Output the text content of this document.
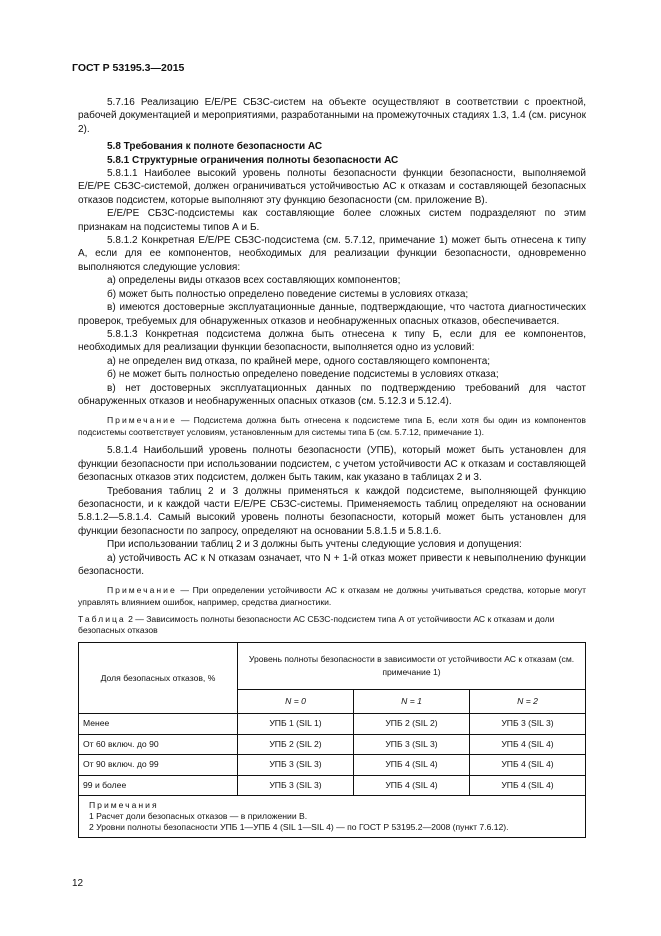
ГОСТ Р 53195.3—2015

5.7.16 Реализацию E/E/PE СБЗС-систем на объекте осуществляют в соответствии с проектной, рабочей документацией и мероприятиями, разработанными на промежуточных стадиях 1.3, 1.4 (см. рисунок 2).

5.8 Требования к полноте безопасности АС

5.8.1 Структурные ограничения полноты безопасности АС

5.8.1.1 Наиболее высокий уровень полноты безопасности функции безопасности, выполняемой E/E/PE СБЗС-системой, должен ограничиваться устойчивостью АС к отказам и составляющей безопасных отказов подсистем, которые выполняют эту функцию безопасности (см. приложение В).

E/E/PE СБЗС-подсистемы как составляющие более сложных систем подразделяют по этим признакам на подсистемы типов А и Б.

5.8.1.2 Конкретная E/E/PE СБЗС-подсистема (см. 5.7.12, примечание 1) может быть отнесена к типу А, если для ее компонентов, необходимых для реализации функции безопасности, одновременно выполняются следующие условия:

а) определены виды отказов всех составляющих компонентов;

б) может быть полностью определено поведение системы в условиях отказа;

в) имеются достоверные эксплуатационные данные, подтверждающие, что частота диагностических проверок, требуемых для обнаруженных отказов и необнаруженных опасных отказов, обеспечивается.

5.8.1.3 Конкретная подсистема должна быть отнесена к типу Б, если для ее компонентов, необходимых для реализации функции безопасности, выполняется одно из условий:

а) не определен вид отказа, по крайней мере, одного составляющего компонента;

б) не может быть полностью определено поведение подсистемы в условиях отказа;

в) нет достоверных эксплуатационных данных по подтверждению требований для частот обнаруженных отказов и необнаруженных опасных отказов (см. 5.12.3 и 5.12.4).

Примечание — Подсистема должна быть отнесена к подсистеме типа Б, если хотя бы один из компонентов подсистемы соответствует условиям, установленным для системы типа Б (см. 5.7.12, примечание 1).

5.8.1.4 Наибольший уровень полноты безопасности (УПБ), который может быть установлен для функции безопасности при использовании подсистем, с учетом устойчивости АС к отказам и составляющей безопасных отказов этих подсистем, должен быть таким, как указано в таблицах 2 и 3.

Требования таблиц 2 и 3 должны применяться к каждой подсистеме, выполняющей функцию безопасности, и к каждой части E/E/PE СБЗС-системы. Применяемость таблиц определяют на основании 5.8.1.2—5.8.1.4. Самый высокий уровень полноты безопасности, который может быть установлен для функции безопасности по запросу, определяют на основании 5.8.1.5 и 5.8.1.6.

При использовании таблиц 2 и 3 должны быть учтены следующие условия и допущения:

а) устойчивость АС к N отказам означает, что N + 1-й отказ может привести к невыполнению функции безопасности.

Примечание — При определении устойчивости АС к отказам не должны учитываться средства, которые могут управлять влиянием ошибок, например, средства диагностики.
Таблица 2 — Зависимость полноты безопасности АС СБЗС-подсистем типа А от устойчивости АС к отказам и доли безопасных отказов
Доля безопасных отказов, %	Уровень полноты безопасности в зависимости от устойчивости АС к отказам (см. примечание 1)		
	N = 0	N = 1	N = 2
Менее	УПБ 1 (SIL 1)	УПБ 2 (SIL 2)	УПБ 3 (SIL 3)
От 60 включ. до 90	УПБ 2 (SIL 2)	УПБ 3 (SIL 3)	УПБ 4 (SIL 4)
От 90 включ. до 99	УПБ 3 (SIL 3)	УПБ 4 (SIL 4)	УПБ 4 (SIL 4)
99 и более	УПБ 3 (SIL 3)	УПБ 4 (SIL 4)	УПБ 4 (SIL 4)

Примечания
1 Расчет доли безопасных отказов — в приложении В.
2 Уровни полноты безопасности УПБ 1—УПБ 4 (SIL 1—SIL 4) — по ГОСТ Р 53195.2—2008 (пункт 7.6.12).			
12
